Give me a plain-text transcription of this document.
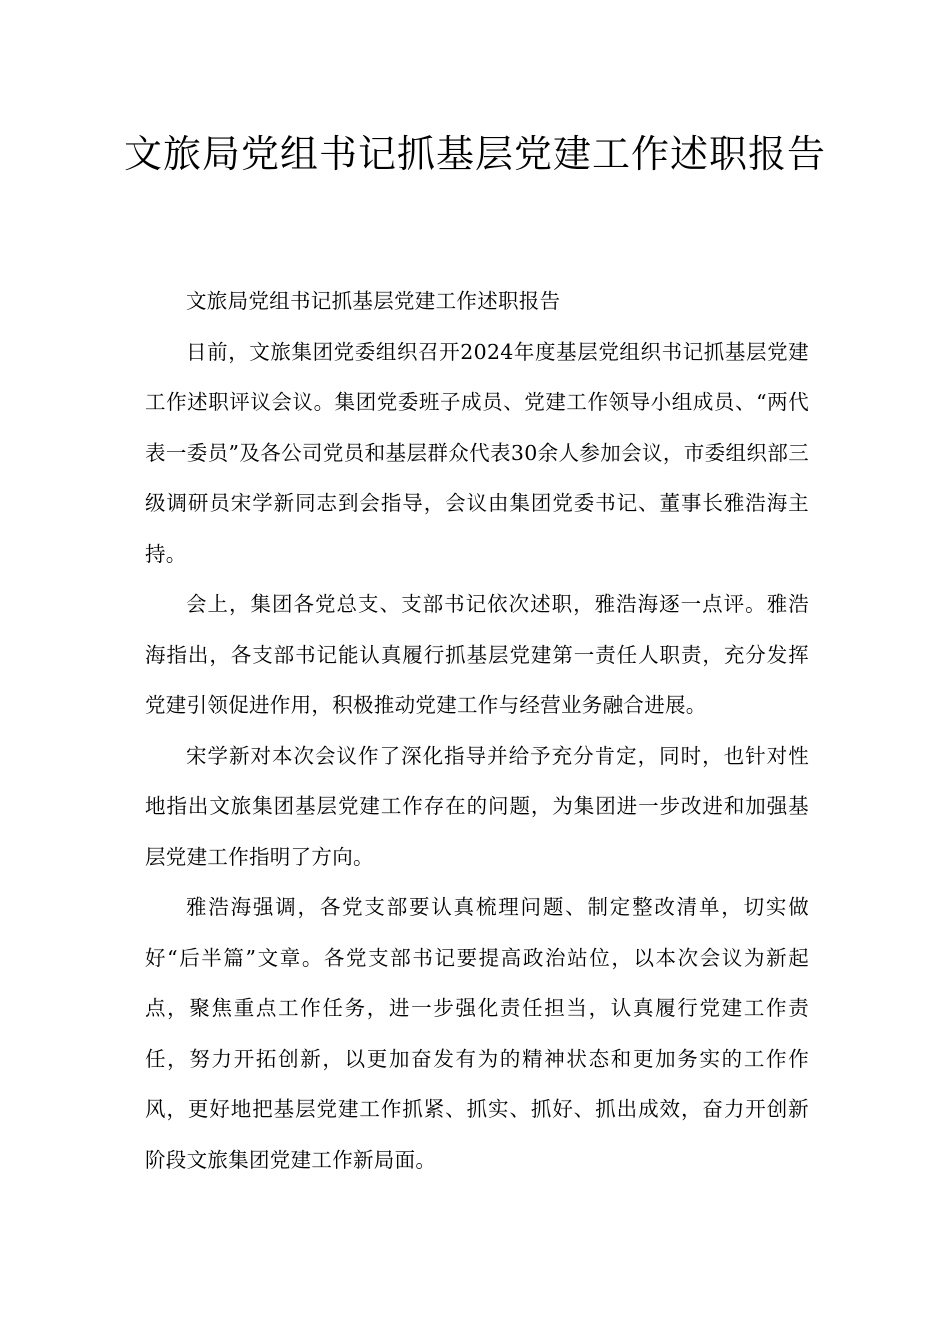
文旅局党组书记抓基层党建工作述职报告

文旅局党组书记抓基层党建工作述职报告

日前，文旅集团党委组织召开2024年度基层党组织书记抓基层党建工作述职评议会议。集团党委班子成员、党建工作领导小组成员、“两代表一委员”及各公司党员和基层群众代表30余人参加会议，市委组织部三级调研员宋学新同志到会指导，会议由集团党委书记、董事长雅浩海主持。

会上，集团各党总支、支部书记依次述职，雅浩海逐一点评。雅浩海指出，各支部书记能认真履行抓基层党建第一责任人职责，充分发挥党建引领促进作用，积极推动党建工作与经营业务融合进展。

宋学新对本次会议作了深化指导并给予充分肯定，同时，也针对性地指出文旅集团基层党建工作存在的问题，为集团进一步改进和加强基层党建工作指明了方向。

雅浩海强调，各党支部要认真梳理问题、制定整改清单，切实做好“后半篇”文章。各党支部书记要提高政治站位，以本次会议为新起点，聚焦重点工作任务，进一步强化责任担当，认真履行党建工作责任，努力开拓创新，以更加奋发有为的精神状态和更加务实的工作作风，更好地把基层党建工作抓紧、抓实、抓好、抓出成效，奋力开创新阶段文旅集团党建工作新局面。
